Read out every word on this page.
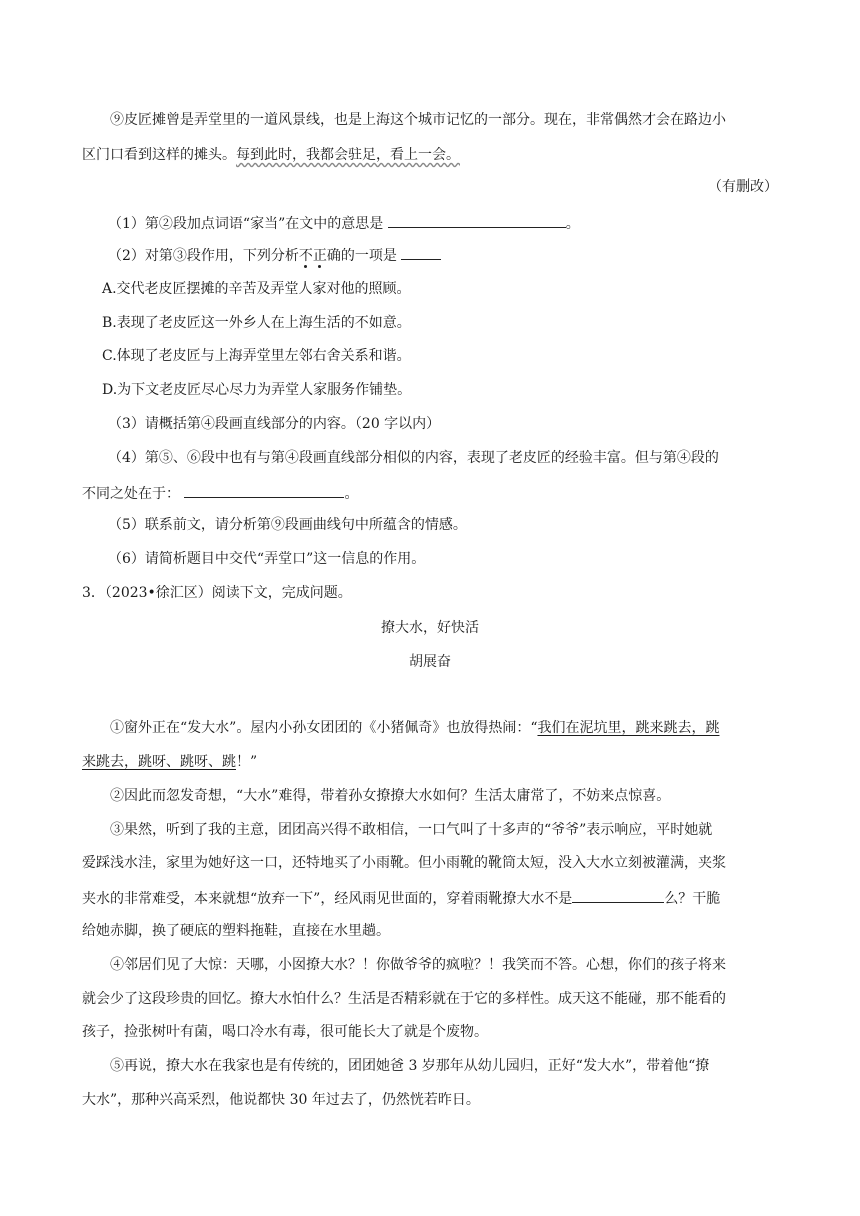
⑨皮匠摊曾是弄堂里的一道风景线，也是上海这个城市记忆的一部分。现在，非常偶然才会在路边小
区门口看到这样的摊头。每到此时，我都会驻足，看上一会。
（有删改）
（1）第②段加点词语“家当”在文中的意思是	。
（2）对第③段作用，下列分析不正确的一项是
A.交代老皮匠摆摊的辛苦及弄堂人家对他的照顾。
B.表现了老皮匠这一外乡人在上海生活的不如意。
C.体现了老皮匠与上海弄堂里左邻右舍关系和谐。
D.为下文老皮匠尽心尽力为弄堂人家服务作铺垫。
（3）请概括第④段画直线部分的内容。（20 字以内）
（4）第⑤、⑥段中也有与第④段画直线部分相似的内容，表现了老皮匠的经验丰富。但与第④段的
不同之处在于：	。
（5）联系前文，请分析第⑨段画曲线句中所蕴含的情感。
（6）请简析题目中交代“弄堂口”这一信息的作用。
3．（2023•徐汇区）阅读下文，完成问题。
撩大水，好快活
胡展奋
①窗外正在“发大水”。屋内小孙女团团的《小猪佩奇》也放得热闹：“我们在泥坑里，跳来跳去，跳
来跳去，跳呀、跳呀、跳！”
②因此而忽发奇想，“大水”难得，带着孙女撩撩大水如何？生活太庸常了，不妨来点惊喜。
③果然，听到了我的主意，团团高兴得不敢相信，一口气叫了十多声的“爷爷”表示响应，平时她就
爱踩浅水洼，家里为她好这一口，还特地买了小雨靴。但小雨靴的靴筒太短，没入大水立刻被灌满，夹浆
夹水的非常难受，本来就想“放弃一下”，经风雨见世面的，穿着雨靴撩大水不是	么？干脆
给她赤脚，换了硬底的塑料拖鞋，直接在水里趟。
④邻居们见了大惊：天哪，小囡撩大水？！你做爷爷的疯啦？！我笑而不答。心想，你们的孩子将来
就会少了这段珍贵的回忆。撩大水怕什么？生活是否精彩就在于它的多样性。成天这不能碰，那不能看的
孩子，捡张树叶有菌，喝口冷水有毒，很可能长大了就是个废物。
⑤再说，撩大水在我家也是有传统的，团团她爸 3 岁那年从幼儿园归，正好“发大水”，带着他“撩
大水”，那种兴高采烈，他说都快 30 年过去了，仍然恍若昨日。
